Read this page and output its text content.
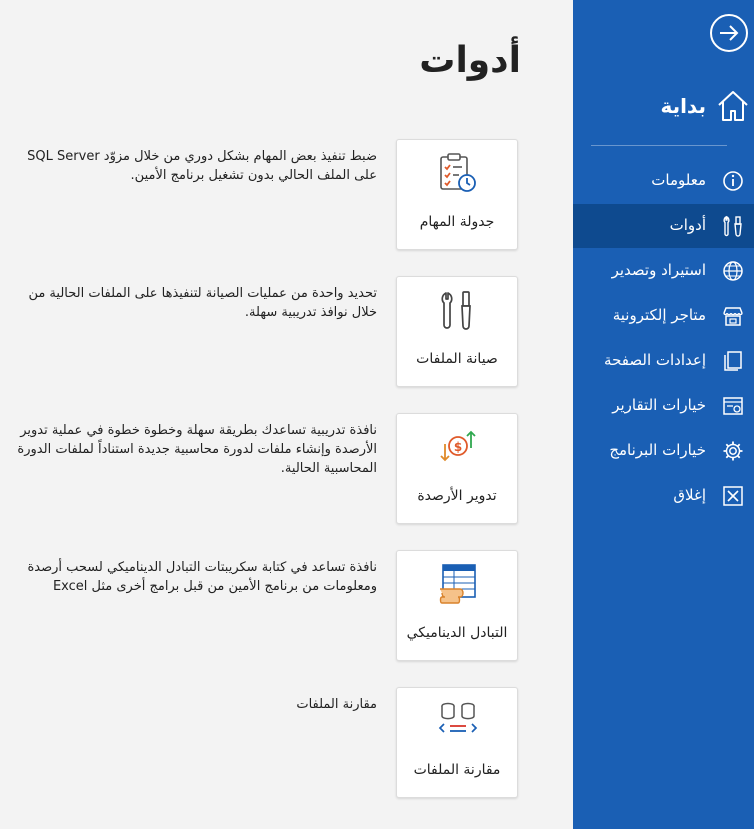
أدوات
جدولة المهام

ضبط تنفيذ بعض المهام بشكل دوري من خلال مزوّد SQL Server على الملف الحالي بدون تشغيل برنامج الأمين.

صيانة الملفات

تحديد واحدة من عمليات الصيانة لتنفيذها على الملفات الحالية من خلال نوافذ تدريبية سهلة.

$
تدوير الأرصدة

نافذة تدريبية تساعدك بطريقة سهلة وخطوة خطوة في عملية تدوير الأرصدة وإنشاء ملفات لدورة محاسبية جديدة استناداً لملفات الدورة المحاسبية الحالية.

التبادل الديناميكي

نافذة تساعد في كتابة سكريبتات التبادل الديناميكي لسحب أرصدة ومعلومات من برنامج الأمين من قبل برامج أخرى مثل Excel

مقارنة الملفات

مقارنة الملفات

بداية
معلومات
أدوات
استيراد وتصدير
متاجر إلكترونية
إعدادات الصفحة
خيارات التقارير
خيارات البرنامج
إغلاق
